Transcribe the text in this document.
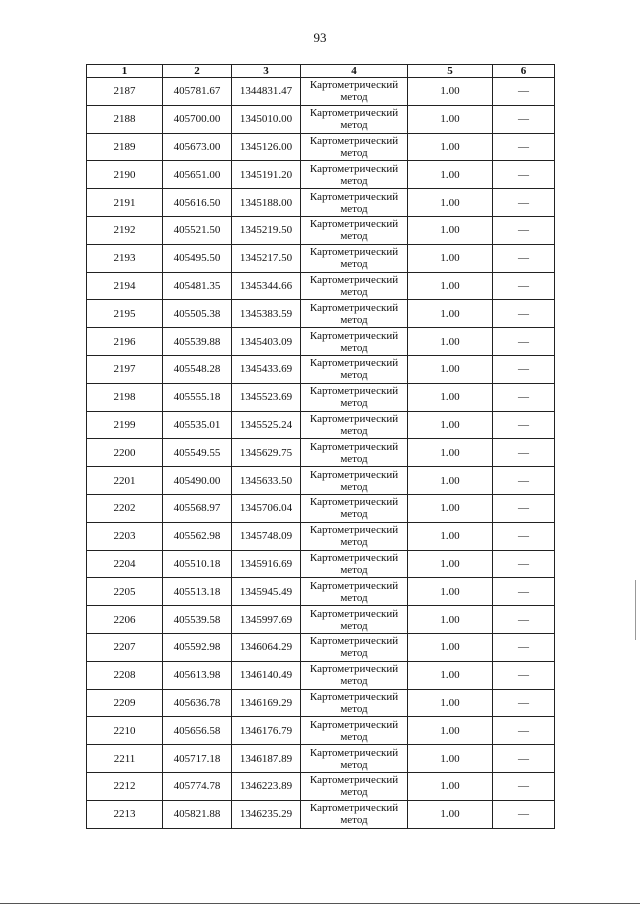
93
1	2	3	4	5	6
2187	405781.67	1344831.47	Картометрический метод	1.00	—
2188	405700.00	1345010.00	Картометрический метод	1.00	—
2189	405673.00	1345126.00	Картометрический метод	1.00	—
2190	405651.00	1345191.20	Картометрический метод	1.00	—
2191	405616.50	1345188.00	Картометрический метод	1.00	—
2192	405521.50	1345219.50	Картометрический метод	1.00	—
2193	405495.50	1345217.50	Картометрический метод	1.00	—
2194	405481.35	1345344.66	Картометрический метод	1.00	—
2195	405505.38	1345383.59	Картометрический метод	1.00	—
2196	405539.88	1345403.09	Картометрический метод	1.00	—
2197	405548.28	1345433.69	Картометрический метод	1.00	—
2198	405555.18	1345523.69	Картометрический метод	1.00	—
2199	405535.01	1345525.24	Картометрический метод	1.00	—
2200	405549.55	1345629.75	Картометрический метод	1.00	—
2201	405490.00	1345633.50	Картометрический метод	1.00	—
2202	405568.97	1345706.04	Картометрический метод	1.00	—
2203	405562.98	1345748.09	Картометрический метод	1.00	—
2204	405510.18	1345916.69	Картометрический метод	1.00	—
2205	405513.18	1345945.49	Картометрический метод	1.00	—
2206	405539.58	1345997.69	Картометрический метод	1.00	—
2207	405592.98	1346064.29	Картометрический метод	1.00	—
2208	405613.98	1346140.49	Картометрический метод	1.00	—
2209	405636.78	1346169.29	Картометрический метод	1.00	—
2210	405656.58	1346176.79	Картометрический метод	1.00	—
2211	405717.18	1346187.89	Картометрический метод	1.00	—
2212	405774.78	1346223.89	Картометрический метод	1.00	—
2213	405821.88	1346235.29	Картометрический метод	1.00	—
